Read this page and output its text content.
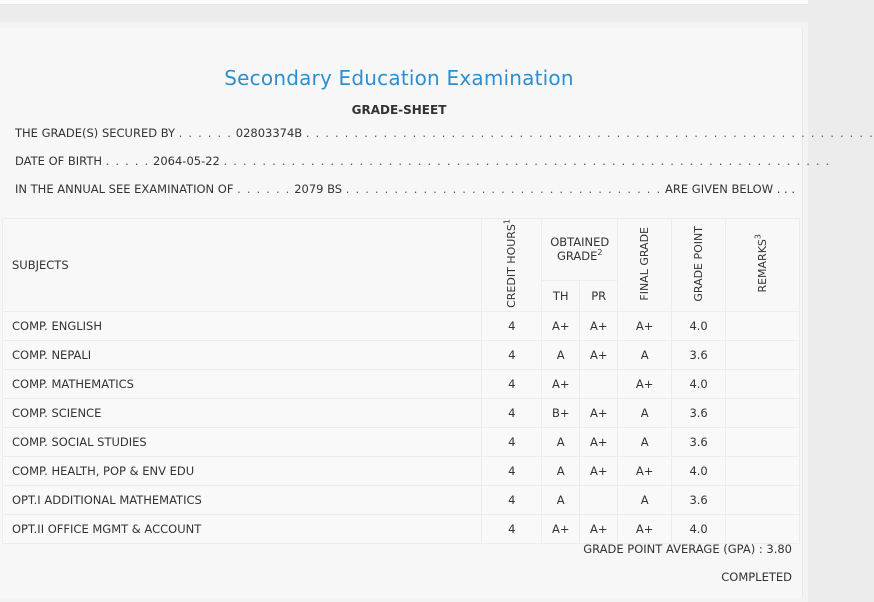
Secondary Education Examination
GRADE-SHEET
THE GRADE(S) SECURED BY . . . . . . 02803374B . . . . . . . . . . . . . . . . . . . . . . . . . . . . . . . . . . . . . . . . . . . . . . . . . . . . . . . . . . .
DATE OF BIRTH . . . . . 2064-05-22 . . . . . . . . . . . . . . . . . . . . . . . . . . . . . . . . . . . . . . . . . . . . . . . . . . . . . . . . . . . . . . .
IN THE ANNUAL SEE EXAMINATION OF . . . . . . 2079 BS . . . . . . . . . . . . . . . . . . . . . . . . . . . . . . . . . ARE GIVEN BELOW . . .
SUBJECTS	CREDIT HOURS$^1$	OBTAINED GRADE$^2$		FINAL GRADE	GRADE POINT	REMARKS$^3$
		TH	PR			
COMP. ENGLISH	4	A+	A+	A+	4.0	
COMP. NEPALI	4	A	A+	A	3.6	
COMP. MATHEMATICS	4	A+		A+	4.0	
COMP. SCIENCE	4	B+	A+	A	3.6	
COMP. SOCIAL STUDIES	4	A	A+	A	3.6	
COMP. HEALTH, POP & ENV EDU	4	A	A+	A+	4.0	
OPT.I ADDITIONAL MATHEMATICS	4	A		A	3.6	
OPT.II OFFICE MGMT & ACCOUNT	4	A+	A+	A+	4.0	
GRADE POINT AVERAGE (GPA) : 3.80
COMPLETED
